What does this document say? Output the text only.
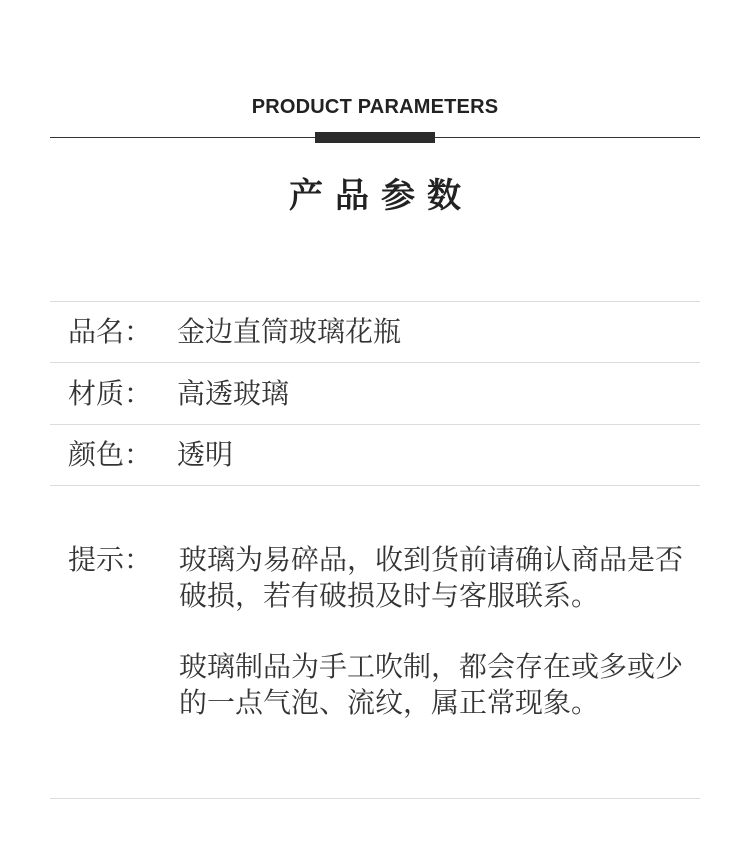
PRODUCT PARAMETERS
产品参数
品名： 金边直筒玻璃花瓶
材质： 高透玻璃
颜色： 透明
提示： 玻璃为易碎品，收到货前请确认商品是否破损，若有破损及时与客服联系。
玻璃制品为手工吹制，都会存在或多或少的一点气泡、流纹，属正常现象。
